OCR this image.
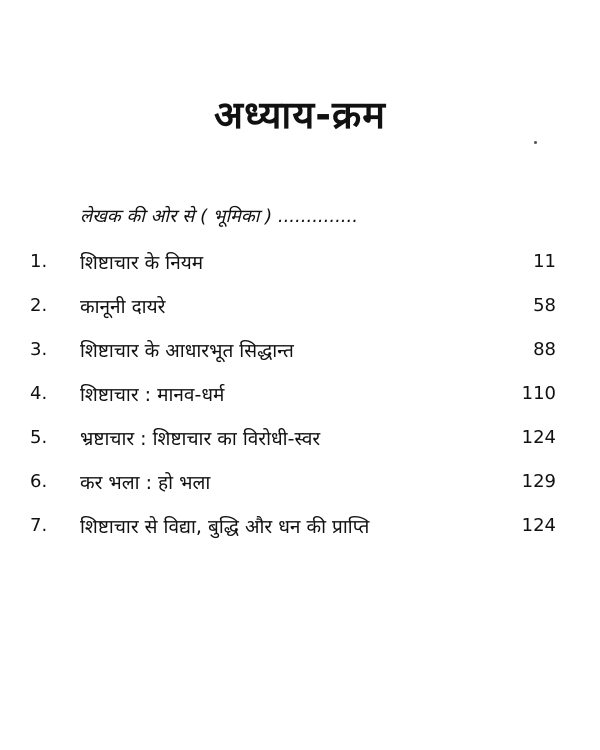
अध्याय-क्रम
लेखक की ओर से ( भूमिका ) ..............
1. शिष्टाचार के नियम	11
2. कानूनी दायरे	58
3. शिष्टाचार के आधारभूत सिद्धान्त	88
4. शिष्टाचार : मानव-धर्म	110
5. भ्रष्टाचार : शिष्टाचार का विरोधी-स्वर	124
6. कर भला : हो भला	129
7. शिष्टाचार से विद्या, बुद्धि और धन की प्राप्ति	124
